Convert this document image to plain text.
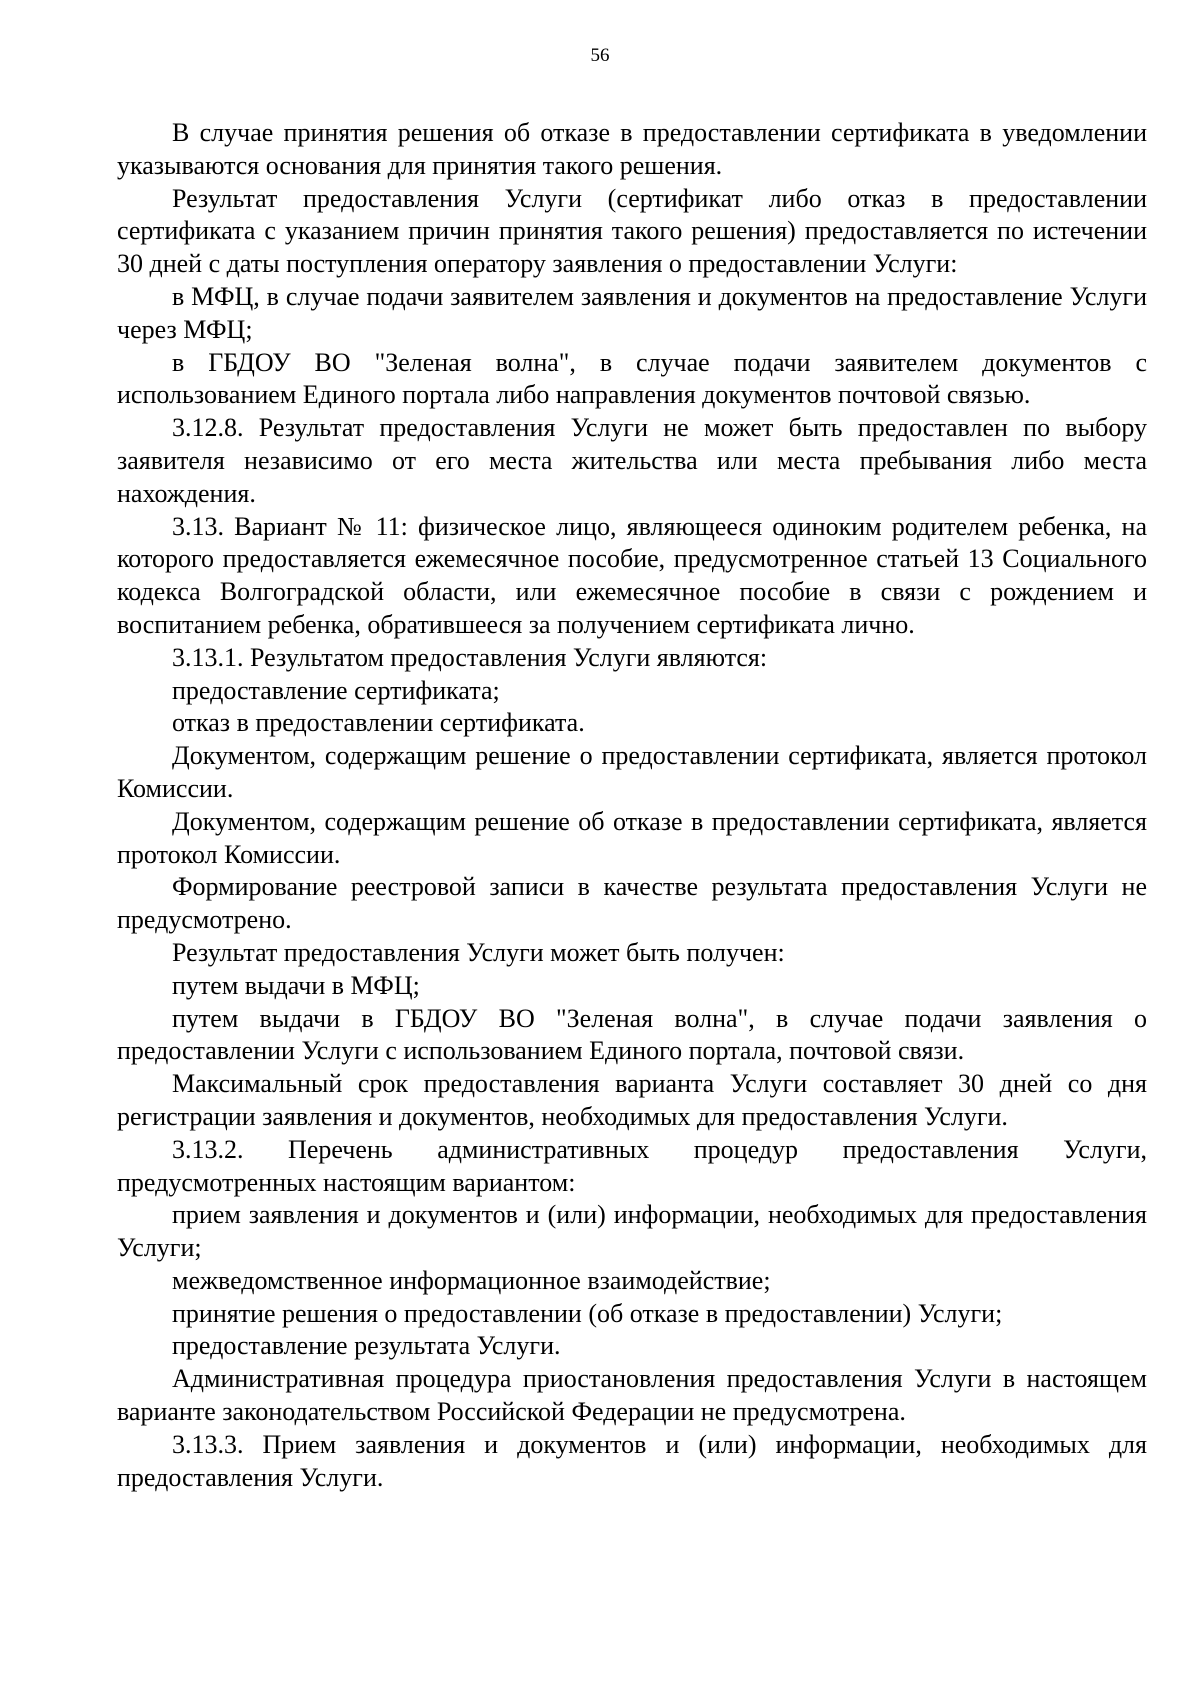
56

В случае принятия решения об отказе в предоставлении сертификата в уведомлении указываются основания для принятия такого решения.

Результат предоставления Услуги (сертификат либо отказ в предоставлении сертификата с указанием причин принятия такого решения) предоставляется по истечении 30 дней с даты поступления оператору заявления о предоставлении Услуги:

в МФЦ, в случае подачи заявителем заявления и документов на предоставление Услуги через МФЦ;

в ГБДОУ ВО "Зеленая волна", в случае подачи заявителем документов с использованием Единого портала либо направления документов почтовой связью.

3.12.8. Результат предоставления Услуги не может быть предоставлен по выбору заявителя независимо от его места жительства или места пребывания либо места нахождения.

3.13. Вариант № 11: физическое лицо, являющееся одиноким родителем ребенка, на которого предоставляется ежемесячное пособие, предусмотренное статьей 13 Социального кодекса Волгоградской области, или ежемесячное пособие в связи с рождением и воспитанием ребенка, обратившееся за получением сертификата лично.

3.13.1. Результатом предоставления Услуги являются:

предоставление сертификата;

отказ в предоставлении сертификата.

Документом, содержащим решение о предоставлении сертификата, является протокол Комиссии.

Документом, содержащим решение об отказе в предоставлении сертификата, является протокол Комиссии.

Формирование реестровой записи в качестве результата предоставления Услуги не предусмотрено.

Результат предоставления Услуги может быть получен:

путем выдачи в МФЦ;

путем выдачи в ГБДОУ ВО "Зеленая волна", в случае подачи заявления о предоставлении Услуги с использованием Единого портала, почтовой связи.

Максимальный срок предоставления варианта Услуги составляет 30 дней со дня регистрации заявления и документов, необходимых для предоставления Услуги.

3.13.2. Перечень административных процедур предоставления Услуги, предусмотренных настоящим вариантом:

прием заявления и документов и (или) информации, необходимых для предоставления Услуги;

межведомственное информационное взаимодействие;

принятие решения о предоставлении (об отказе в предоставлении) Услуги;

предоставление результата Услуги.

Административная процедура приостановления предоставления Услуги в настоящем варианте законодательством Российской Федерации не предусмотрена.

3.13.3. Прием заявления и документов и (или) информации, необходимых для предоставления Услуги.
